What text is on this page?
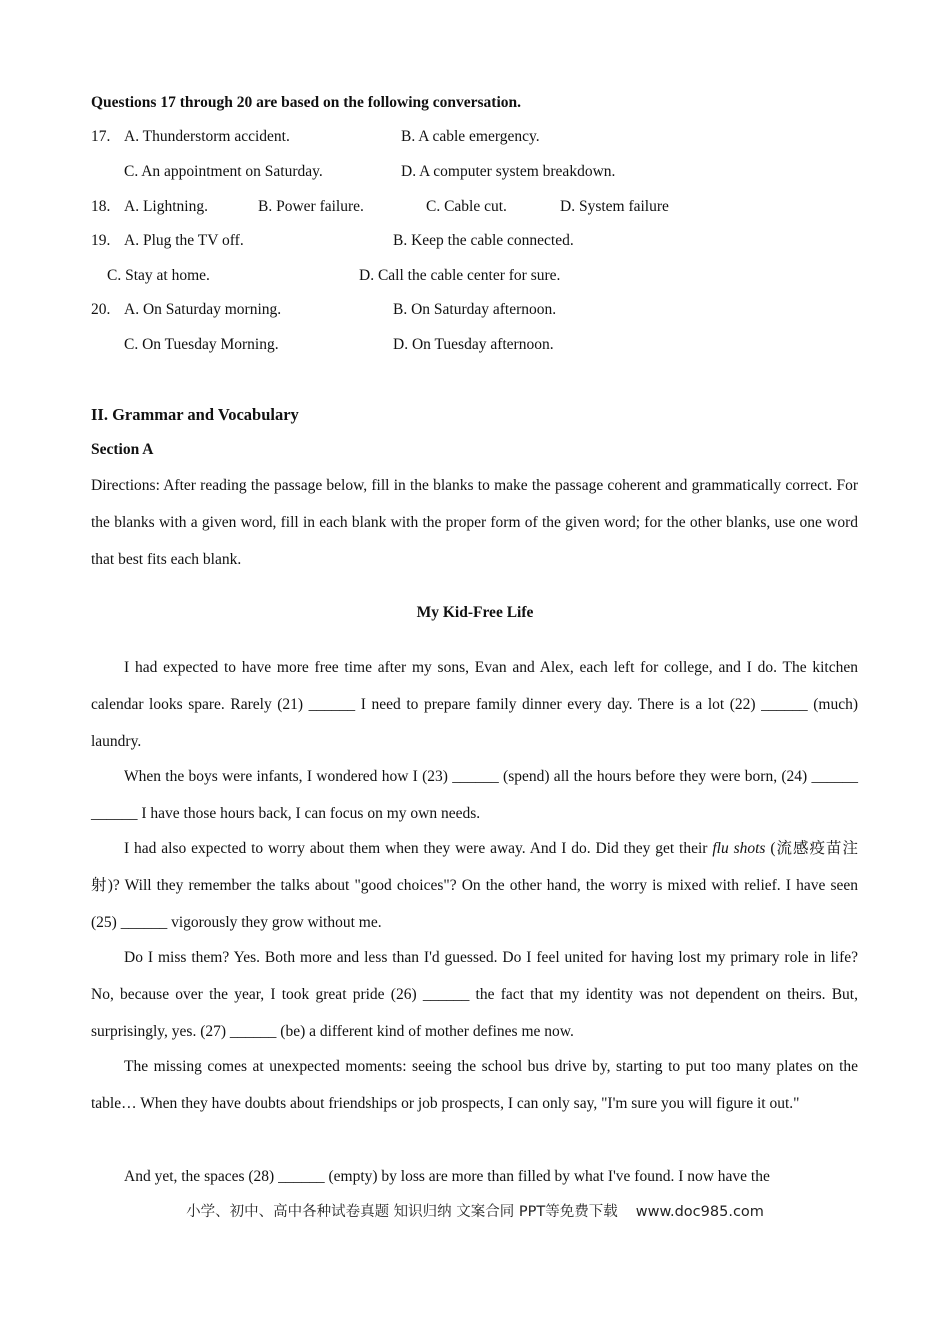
Questions 17 through 20 are based on the following conversation.
17. A. Thunderstorm accident.	B. A cable emergency.
C. An appointment on Saturday.	D. A computer system breakdown.
18. A. Lightning.	B. Power failure.	C. Cable cut.	D. System failure
19. A. Plug the TV off.	B. Keep the cable connected.
C. Stay at home.	D. Call the cable center for sure.
20. A. On Saturday morning.	B. On Saturday afternoon.
C. On Tuesday Morning.	D. On Tuesday afternoon.
II. Grammar and Vocabulary
Section A

Directions: After reading the passage below, fill in the blanks to make the passage coherent and grammatically correct. For the blanks with a given word, fill in each blank with the proper form of the given word; for the other blanks, use one word that best fits each blank.

My Kid-Free Life

I had expected to have more free time after my sons, Evan and Alex, each left for college, and I do. The kitchen calendar looks spare. Rarely (21) ______ I need to prepare family dinner every day. There is a lot (22) ______ (much) laundry.

When the boys were infants, I wondered how I (23) ______ (spend) all the hours before they were born, (24) ______ ______ I have those hours back, I can focus on my own needs.

I had also expected to worry about them when they were away. And I do. Did they get their flu shots (流感疫苗注射)? Will they remember the talks about "good choices"? On the other hand, the worry is mixed with relief. I have seen (25) ______ vigorously they grow without me.

Do I miss them? Yes. Both more and less than I'd guessed. Do I feel united for having lost my primary role in life? No, because over the year, I took great pride (26) ______ the fact that my identity was not dependent on theirs. But, surprisingly, yes. (27) ______ (be) a different kind of mother defines me now.

The missing comes at unexpected moments: seeing the school bus drive by, starting to put too many plates on the table… When they have doubts about friendships or job prospects, I can only say, "I'm sure you will figure it out."

And yet, the spaces (28) ______ (empty) by loss are more than filled by what I've found. I now have the

小学、初中、高中各种试卷真题 知识归纳 文案合同 PPT等免费下载 www.doc985.com
